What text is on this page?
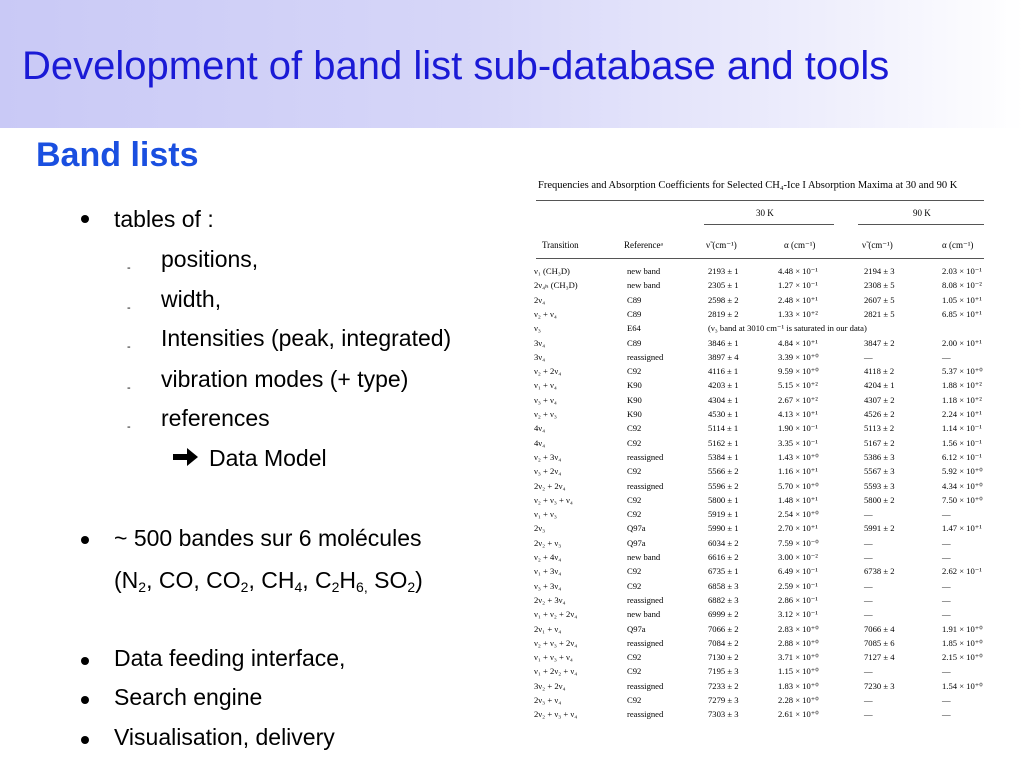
Development of band list sub-database and tools
Band lists
tables of :
- positions,
- width,
- Intensities (peak, integrated)
- vibration modes (+ type)
- references
Data Model
~ 500 bandes sur 6 molécules
($N_2$, CO, $CO_2$, $CH_4$, $C_2H_{6,}$ $SO_2$)
Data feeding interface,
Search engine
Visualisation, delivery
Frequencies and Absorption Coefficients for Selected CH₄-Ice I Absorption Maxima at 30 and 90 K
30 K	90 K
Transition	Referenceᵃ	ν̃ (cm⁻¹)	α (cm⁻¹)	ν̃ (cm⁻¹)	α (cm⁻¹)
ν₁ (CH₃D)	new band	2193 ± 1	4.48 × 10⁻¹	2194 ± 3	2.03 × 10⁻¹
2ν₄ₕ (CH₃D)	new band	2305 ± 1	1.27 × 10⁻¹	2308 ± 5	8.08 × 10⁻²
2ν₄	C89	2598 ± 2	2.48 × 10⁺¹	2607 ± 5	1.05 × 10⁺¹
ν₂ + ν₄	C89	2819 ± 2	1.33 × 10⁺²	2821 ± 5	6.85 × 10⁺¹
ν₃	E64	(ν₃ band at 3010 cm⁻¹ is saturated in our data)
3ν₄	C89	3846 ± 1	4.84 × 10⁺¹	3847 ± 2	2.00 × 10⁺¹
3ν₄	reassigned	3897 ± 4	3.39 × 10⁺⁰	—	—
ν₂ + 2ν₄	C92	4116 ± 1	9.59 × 10⁺⁰	4118 ± 2	5.37 × 10⁺⁰
ν₁ + ν₄	K90	4203 ± 1	5.15 × 10⁺²	4204 ± 1	1.88 × 10⁺²
ν₃ + ν₄	K90	4304 ± 1	2.67 × 10⁺²	4307 ± 2	1.18 × 10⁺²
ν₂ + ν₃	K90	4530 ± 1	4.13 × 10⁺¹	4526 ± 2	2.24 × 10⁺¹
4ν₄	C92	5114 ± 1	1.90 × 10⁻¹	5113 ± 2	1.14 × 10⁻¹
4ν₄	C92	5162 ± 1	3.35 × 10⁻¹	5167 ± 2	1.56 × 10⁻¹
ν₂ + 3ν₄	reassigned	5384 ± 1	1.43 × 10⁺⁰	5386 ± 3	6.12 × 10⁻¹
ν₃ + 2ν₄	C92	5566 ± 2	1.16 × 10⁺¹	5567 ± 3	5.92 × 10⁺⁰
2ν₂ + 2ν₄	reassigned	5596 ± 2	5.70 × 10⁺⁰	5593 ± 3	4.34 × 10⁺⁰
ν₂ + ν₃ + ν₄	C92	5800 ± 1	1.48 × 10⁺¹	5800 ± 2	7.50 × 10⁺⁰
ν₁ + ν₃	C92	5919 ± 1	2.54 × 10⁺⁰	—	—
2ν₃	Q97a	5990 ± 1	2.70 × 10⁺¹	5991 ± 2	1.47 × 10⁺¹
2ν₂ + ν₃	Q97a	6034 ± 2	7.59 × 10⁻⁰	—	—
ν₂ + 4ν₄	new band	6616 ± 2	3.00 × 10⁻²	—	—
ν₁ + 3ν₄	C92	6735 ± 1	6.49 × 10⁻¹	6738 ± 2	2.62 × 10⁻¹
ν₃ + 3ν₄	C92	6858 ± 3	2.59 × 10⁻¹	—	—
2ν₂ + 3ν₄	reassigned	6882 ± 3	2.86 × 10⁻¹	—	—
ν₁ + ν₂ + 2ν₄	new band	6999 ± 2	3.12 × 10⁻¹	—	—
2ν₁ + ν₄	Q97a	7066 ± 2	2.83 × 10⁺⁰	7066 ± 4	1.91 × 10⁺⁰
ν₂ + ν₃ + 2ν₄	reassigned	7084 ± 2	2.88 × 10⁺⁰	7085 ± 6	1.85 × 10⁺⁰
ν₁ + ν₃ + ν₄	C92	7130 ± 2	3.71 × 10⁺⁰	7127 ± 4	2.15 × 10⁺⁰
ν₁ + 2ν₂ + ν₄	C92	7195 ± 3	1.15 × 10⁺⁰	—	—
3ν₂ + 2ν₄	reassigned	7233 ± 2	1.83 × 10⁺⁰	7230 ± 3	1.54 × 10⁺⁰
2ν₃ + ν₄	C92	7279 ± 3	2.28 × 10⁺⁰	—	—
2ν₂ + ν₃ + ν₄	reassigned	7303 ± 3	2.61 × 10⁺⁰	—	—
